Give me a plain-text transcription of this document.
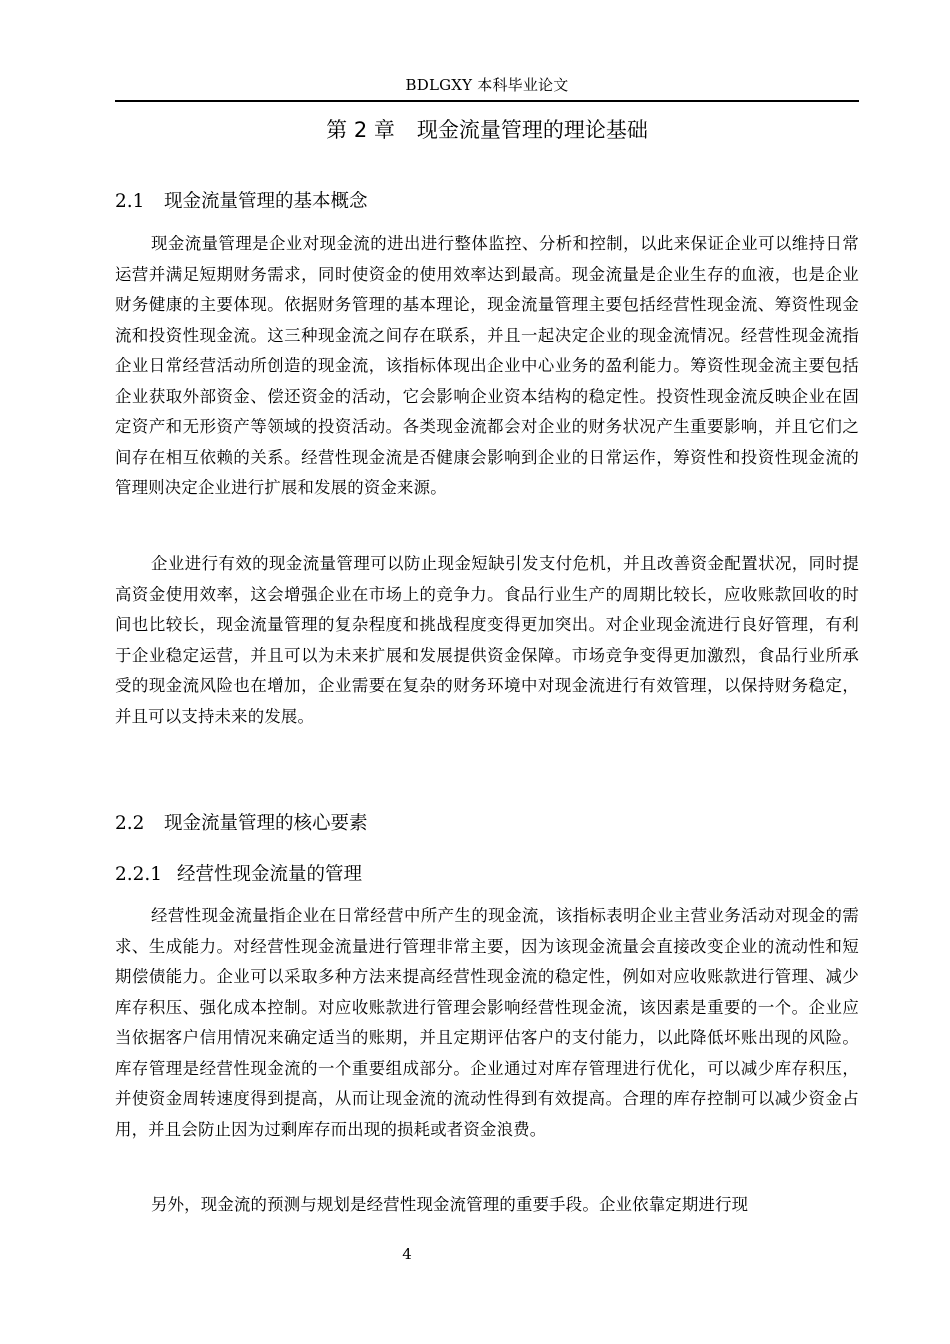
BDLGXY 本科毕业论文
第 2 章 现金流量管理的理论基础
2.1 现金流量管理的基本概念

现金流量管理是企业对现金流的进出进行整体监控、分析和控制，以此来保证企业可以维持日常运营并满足短期财务需求，同时使资金的使用效率达到最高。现金流量是企业生存的血液，也是企业财务健康的主要体现。依据财务管理的基本理论，现金流量管理主要包括经营性现金流、筹资性现金流和投资性现金流。这三种现金流之间存在联系，并且一起决定企业的现金流情况。经营性现金流指企业日常经营活动所创造的现金流，该指标体现出企业中心业务的盈利能力。筹资性现金流主要包括企业获取外部资金、偿还资金的活动，它会影响企业资本结构的稳定性。投资性现金流反映企业在固定资产和无形资产等领域的投资活动。各类现金流都会对企业的财务状况产生重要影响，并且它们之间存在相互依赖的关系。经营性现金流是否健康会影响到企业的日常运作，筹资性和投资性现金流的管理则决定企业进行扩展和发展的资金来源。

企业进行有效的现金流量管理可以防止现金短缺引发支付危机，并且改善资金配置状况，同时提高资金使用效率，这会增强企业在市场上的竞争力。食品行业生产的周期比较长，应收账款回收的时间也比较长，现金流量管理的复杂程度和挑战程度变得更加突出。对企业现金流进行良好管理，有利于企业稳定运营，并且可以为未来扩展和发展提供资金保障。市场竞争变得更加激烈，食品行业所承受的现金流风险也在增加，企业需要在复杂的财务环境中对现金流进行有效管理，以保持财务稳定，并且可以支持未来的发展。

2.2 现金流量管理的核心要素
2.2.1 经营性现金流量的管理

经营性现金流量指企业在日常经营中所产生的现金流，该指标表明企业主营业务活动对现金的需求、生成能力。对经营性现金流量进行管理非常主要，因为该现金流量会直接改变企业的流动性和短期偿债能力。企业可以采取多种方法来提高经营性现金流的稳定性，例如对应收账款进行管理、减少库存积压、强化成本控制。对应收账款进行管理会影响经营性现金流，该因素是重要的一个。企业应当依据客户信用情况来确定适当的账期，并且定期评估客户的支付能力，以此降低坏账出现的风险。库存管理是经营性现金流的一个重要组成部分。企业通过对库存管理进行优化，可以减少库存积压，并使资金周转速度得到提高，从而让现金流的流动性得到有效提高。合理的库存控制可以减少资金占用，并且会防止因为过剩库存而出现的损耗或者资金浪费。

另外，现金流的预测与规划是经营性现金流管理的重要手段。企业依靠定期进行现

4
